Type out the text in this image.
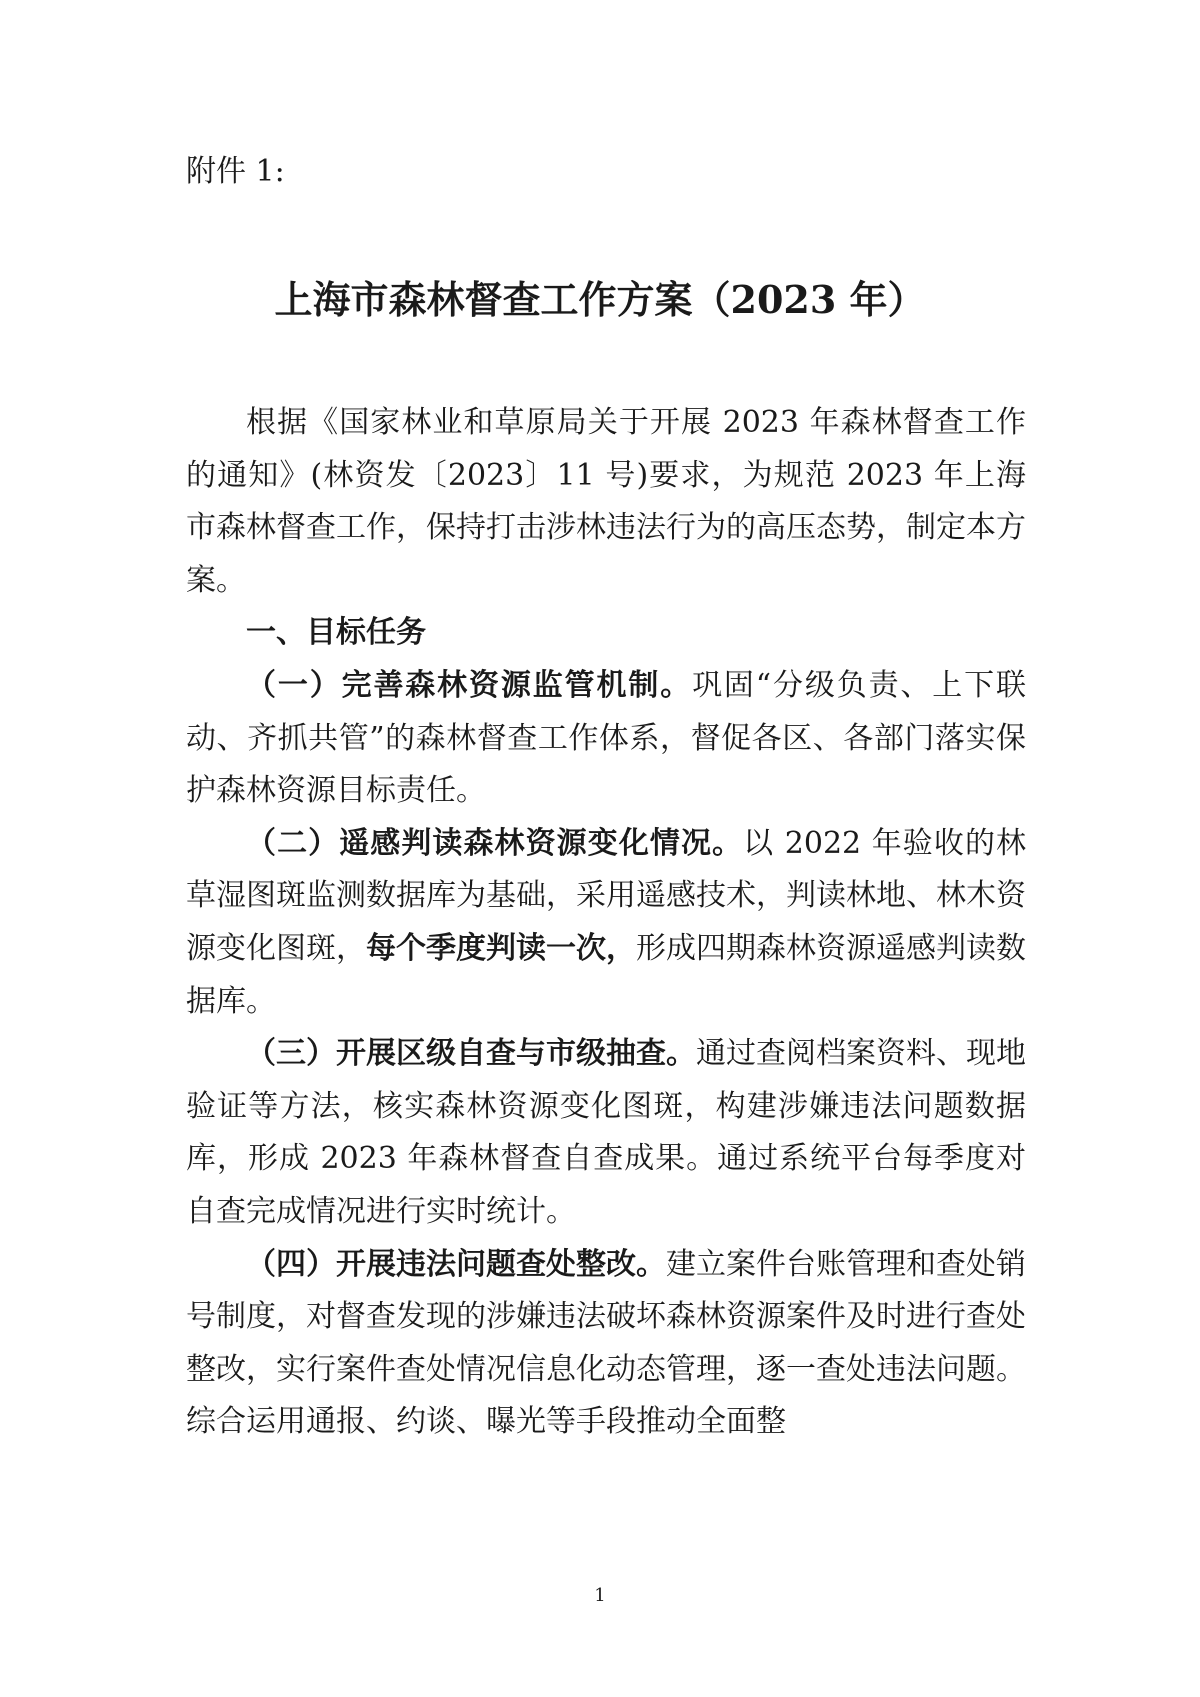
附件 1:
上海市森林督查工作方案（2023 年）

根据《国家林业和草原局关于开展 2023 年森林督查工作的通知》(林资发〔2023〕11 号)要求，为规范 2023 年上海市森林督查工作，保持打击涉林违法行为的高压态势，制定本方案。

一、目标任务

（一）完善森林资源监管机制。巩固“分级负责、上下联动、齐抓共管”的森林督查工作体系，督促各区、各部门落实保护森林资源目标责任。

（二）遥感判读森林资源变化情况。以 2022 年验收的林草湿图斑监测数据库为基础，采用遥感技术，判读林地、林木资源变化图斑，每个季度判读一次，形成四期森林资源遥感判读数据库。

（三）开展区级自查与市级抽查。通过查阅档案资料、现地验证等方法，核实森林资源变化图斑，构建涉嫌违法问题数据库，形成 2023 年森林督查自查成果。通过系统平台每季度对自查完成情况进行实时统计。

（四）开展违法问题查处整改。建立案件台账管理和查处销号制度，对督查发现的涉嫌违法破坏森林资源案件及时进行查处整改，实行案件查处情况信息化动态管理，逐一查处违法问题。综合运用通报、约谈、曝光等手段推动全面整

1
